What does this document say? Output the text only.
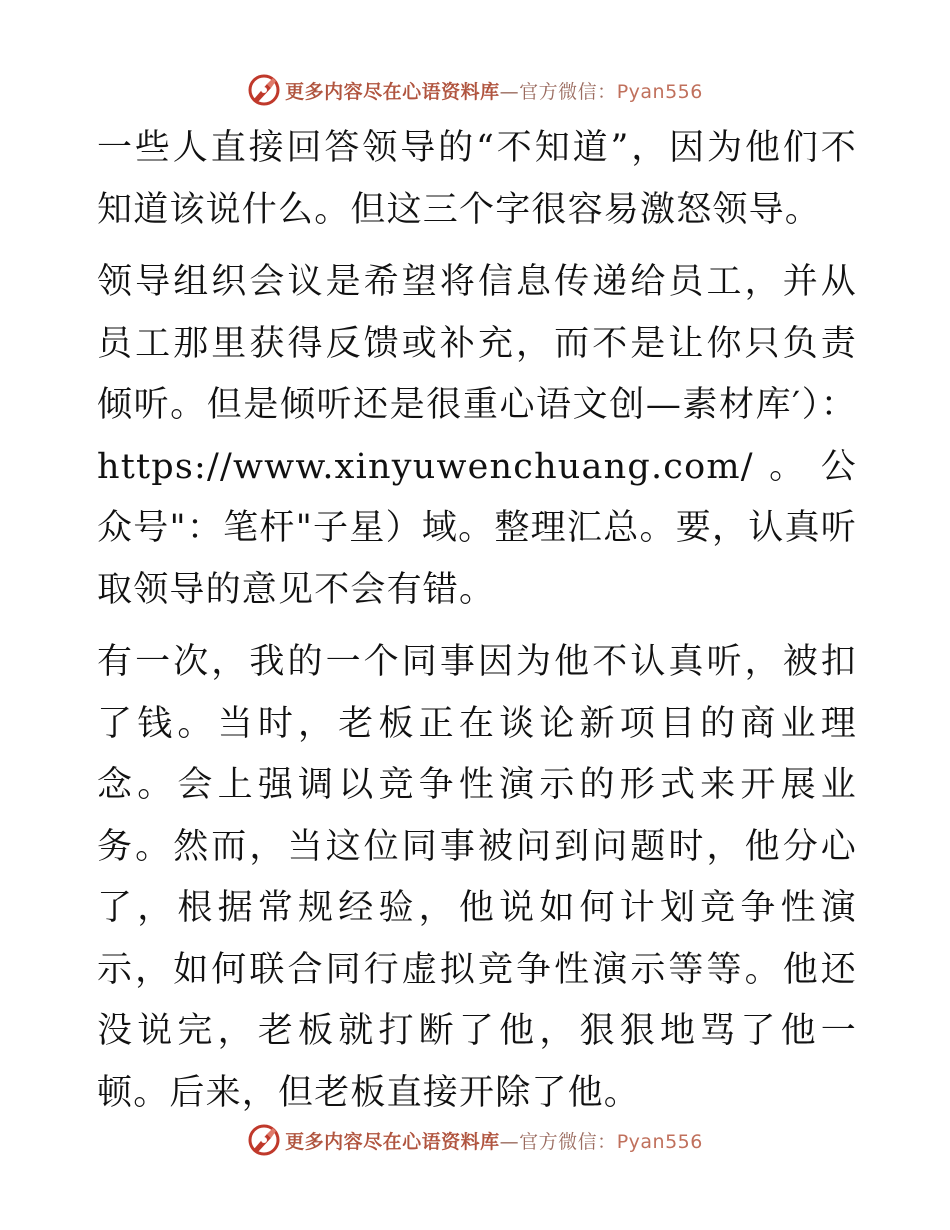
更多内容尽在心语资料库—官方微信：Pyan556

一些人直接回答领导的“不知道”，因为他们不知道该说什么。但这三个字很容易激怒领导。

领导组织会议是希望将信息传递给员工，并从员工那里获得反馈或补充，而不是让你只负责倾听。但是倾听还是很重心语文创—素材库′）：https://www.xinyuwenchuang.com/。公众号"：笔杆"子星）域。整理汇总。要，认真听取领导的意见不会有错。

有一次，我的一个同事因为他不认真听，被扣了钱。当时，老板正在谈论新项目的商业理念。会上强调以竞争性演示的形式来开展业务。然而，当这位同事被问到问题时，他分心了，根据常规经验，他说如何计划竞争性演示，如何联合同行虚拟竞争性演示等等。他还没说完，老板就打断了他，狠狠地骂了他一顿。后来，但老板直接开除了他。

更多内容尽在心语资料库—官方微信：Pyan556
